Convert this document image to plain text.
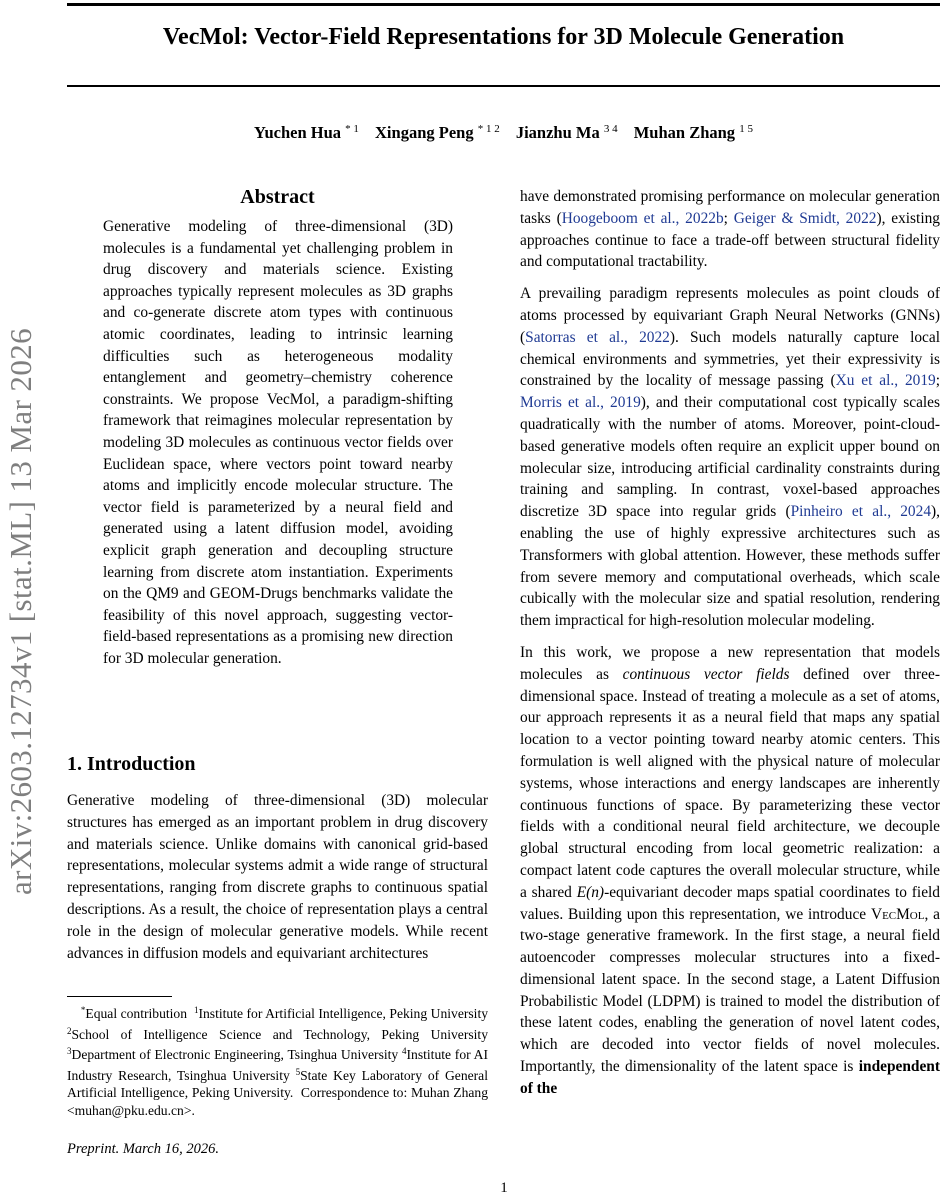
VecMol: Vector-Field Representations for 3D Molecule Generation
Yuchen Hua $^{* 1}$ Xingang Peng $^{* 1 2}$ Jianzhu Ma $^{3 4}$ Muhan Zhang $^{1 5}$
arXiv:2603.12734v1 [stat.ML] 13 Mar 2026
Abstract

Generative modeling of three-dimensional (3D) molecules is a fundamental yet challenging problem in drug discovery and materials science. Existing approaches typically represent molecules as 3D graphs and co-generate discrete atom types with continuous atomic coordinates, leading to intrinsic learning difficulties such as heterogeneous modality entanglement and geometry–chemistry coherence constraints. We propose VecMol, a paradigm-shifting framework that reimagines molecular representation by modeling 3D molecules as continuous vector fields over Euclidean space, where vectors point toward nearby atoms and implicitly encode molecular structure. The vector field is parameterized by a neural field and generated using a latent diffusion model, avoiding explicit graph generation and decoupling structure learning from discrete atom instantiation. Experiments on the QM9 and GEOM-Drugs benchmarks validate the feasibility of this novel approach, suggesting vector-field-based representations as a promising new direction for 3D molecular generation.

1. Introduction

Generative modeling of three-dimensional (3D) molecular structures has emerged as an important problem in drug discovery and materials science. Unlike domains with canonical grid-based representations, molecular systems admit a wide range of structural representations, ranging from discrete graphs to continuous spatial descriptions. As a result, the choice of representation plays a central role in the design of molecular generative models. While recent advances in diffusion models and equivariant architectures

*Equal contribution $^1$Institute for Artificial Intelligence, Peking University $^2$School of Intelligence Science and Technology, Peking University $^3$Department of Electronic Engineering, Tsinghua University $^4$Institute for AI Industry Research, Tsinghua University $^5$State Key Laboratory of General Artificial Intelligence, Peking University. Correspondence to: Muhan Zhang <muhan@pku.edu.cn>.

Preprint. March 16, 2026.

have demonstrated promising performance on molecular generation tasks (Hoogeboom et al., 2022b; Geiger & Smidt, 2022), existing approaches continue to face a trade-off between structural fidelity and computational tractability.

A prevailing paradigm represents molecules as point clouds of atoms processed by equivariant Graph Neural Networks (GNNs) (Satorras et al., 2022). Such models naturally capture local chemical environments and symmetries, yet their expressivity is constrained by the locality of message passing (Xu et al., 2019; Morris et al., 2019), and their computational cost typically scales quadratically with the number of atoms. Moreover, point-cloud-based generative models often require an explicit upper bound on molecular size, introducing artificial cardinality constraints during training and sampling. In contrast, voxel-based approaches discretize 3D space into regular grids (Pinheiro et al., 2024), enabling the use of highly expressive architectures such as Transformers with global attention. However, these methods suffer from severe memory and computational overheads, which scale cubically with the molecular size and spatial resolution, rendering them impractical for high-resolution molecular modeling.

In this work, we propose a new representation that models molecules as continuous vector fields defined over three-dimensional space. Instead of treating a molecule as a set of atoms, our approach represents it as a neural field that maps any spatial location to a vector pointing toward nearby atomic centers. This formulation is well aligned with the physical nature of molecular systems, whose interactions and energy landscapes are inherently continuous functions of space. By parameterizing these vector fields with a conditional neural field architecture, we decouple global structural encoding from local geometric realization: a compact latent code captures the overall molecular structure, while a shared E(n)-equivariant decoder maps spatial coordinates to field values. Building upon this representation, we introduce VecMol, a two-stage generative framework. In the first stage, a neural field autoencoder compresses molecular structures into a fixed-dimensional latent space. In the second stage, a Latent Diffusion Probabilistic Model (LDPM) is trained to model the distribution of these latent codes, enabling the generation of novel latent codes, which are decoded into vector fields of novel molecules. Importantly, the dimensionality of the latent space is independent of the

1
